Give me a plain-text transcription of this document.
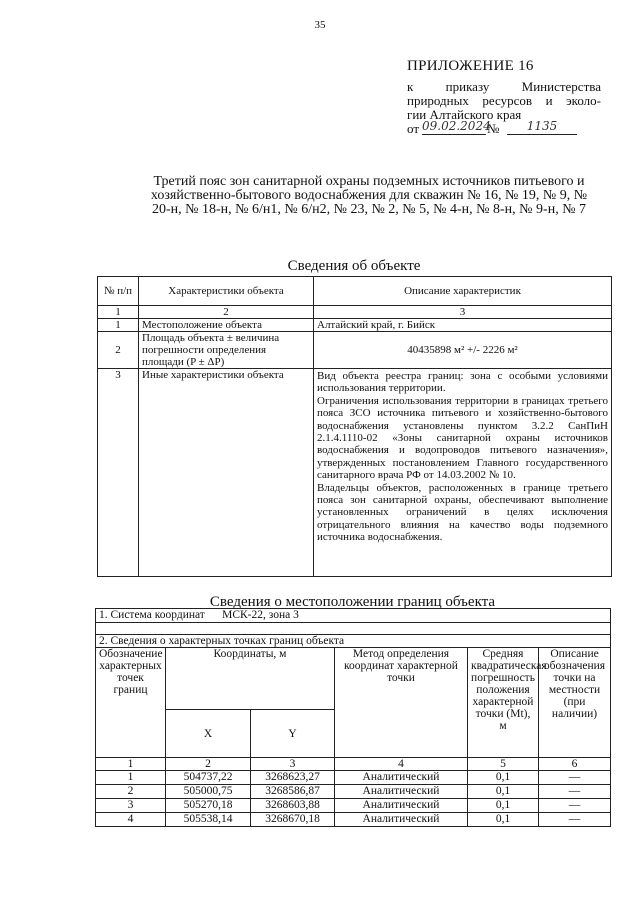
35
ПРИЛОЖЕНИЕ 16
к приказу Министерства
природных ресурсов и эколо-
гии Алтайского края
от 09.02.2024
№	1135
Третий пояс зон санитарной охраны подземных источников питьевого и хозяйственно-бытового водоснабжения для скважин № 16, № 19, № 9, № 20-н, № 18-н, № 6/н1, № 6/н2, № 23, № 2, № 5, № 4-н, № 8-н, № 9-н, № 7
Сведения об объекте
№ п/п	Характеристики объекта	Описание характеристик
1	2	3
1	Местоположение объекта	Алтайский край, г. Бийск
2	Площадь объекта ± величина погрешности определения площади (P ± ΔP)	40435898 м² +/- 2226 м²
3	Иные характеристики объекта	Вид объекта реестра границ: зона с особыми условиями использования территории.
Ограничения использования территории в границах третьего пояса ЗСО источника питьевого и хозяйственно-бытового водоснабжения установлены пунктом 3.2.2 СанПиН 2.1.4.1110-02 «Зоны санитарной охраны источников водоснабжения и водопроводов питьевого назначения», утвержденных постановлением Главного государственного санитарного врача РФ от 14.03.2002 № 10.
Владельцы объектов, расположенных в границе третьего пояса зон санитарной охраны, обеспечивают выполнение установленных ограничений в целях исключения отрицательного влияния на качество воды подземного источника водоснабжения.
Сведения о местоположении границ объекта
1. Система координат МСК-22, зона 3					

2. Сведения о характерных точках границ объекта					
Обозначение характерных точек границ	Координаты, м		Метод определения координат характерной точки	Средняя квадратическая погрешность положения характерной точки (Mt), м	Описание обозначения точки на местности (при наличии)
	X	Y			
1	2	3	4	5	6
1	504737,22	3268623,27	Аналитический	0,1	—
2	505000,75	3268586,87	Аналитический	0,1	—
3	505270,18	3268603,88	Аналитический	0,1	—
4	505538,14	3268670,18	Аналитический	0,1	—
